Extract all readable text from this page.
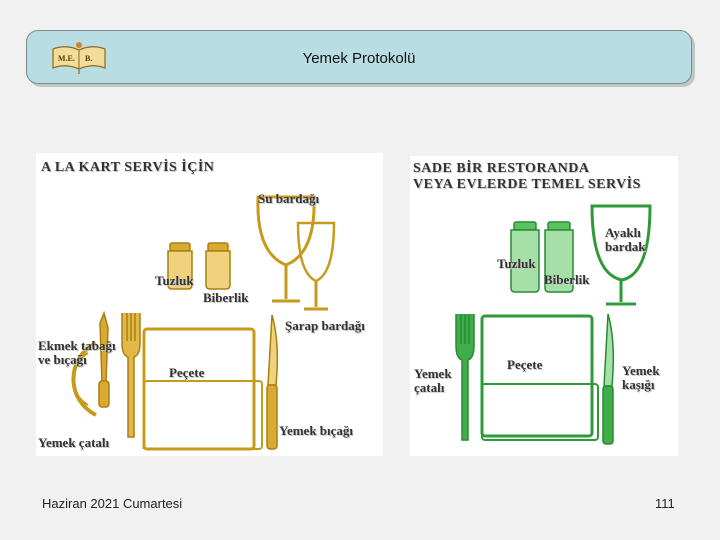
M.E. B.	Yemek Protokolü
A LA KART SERVİS İÇİN
Su bardağı
Tuzluk
Biberlik
Şarap bardağı
Ekmek tabağı
ve bıçağı
Peçete
Yemek çatalı
Yemek bıçağı
SADE BİR RESTORANDA
VEYA EVLERDE TEMEL SERVİS
Ayaklı
bardak
Tuzluk
Biberlik
Peçete
Yemek
çatalı
Yemek
kaşığı
Haziran 2021 Cumartesi	111
